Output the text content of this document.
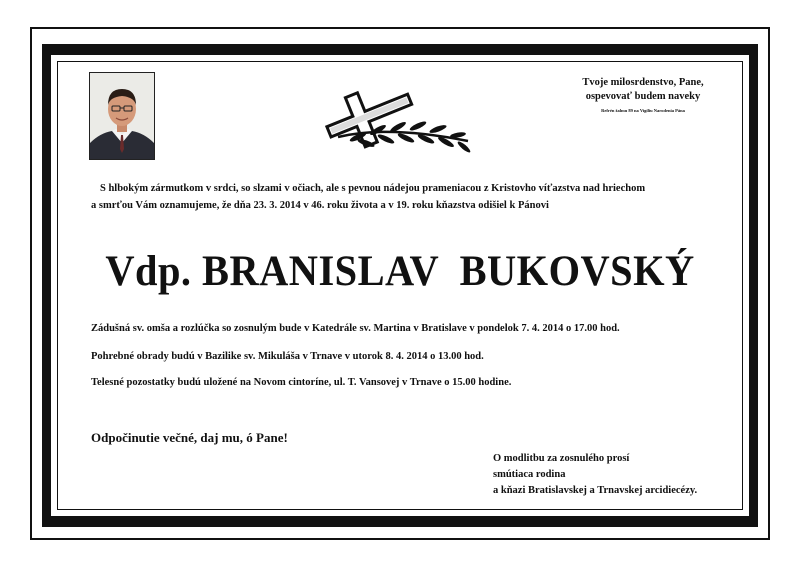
Tvoje milosrdenstvo, Pane,
ospevovať budem naveky
Refrén žalmu 89 na Vigíliu Narodenia Pána
S hlbokým zármutkom v srdci, so slzami v očiach, ale s pevnou nádejou prameniacou z Kristovho víťazstva nad hriechom a smrťou Vám oznamujeme, že dňa 23. 3. 2014 v 46. roku života a v 19. roku kňazstva odišiel k Pánovi
Vdp. BRANISLAV  BUKOVSKÝ
Zádušná sv. omša a rozlúčka so zosnulým bude v Katedrále sv. Martina v Bratislave v pondelok 7. 4. 2014 o 17.00 hod.
Pohrebné obrady budú v Bazilike sv. Mikuláša v Trnave v utorok 8. 4. 2014 o 13.00 hod.
Telesné pozostatky budú uložené na Novom cintoríne, ul. T. Vansovej v Trnave o 15.00 hodine.
Odpočinutie večné, daj mu, ó Pane!
O modlitbu za zosnulého prosí
smútiaca rodina
a kňazi Bratislavskej a Trnavskej arcidiecézy.
